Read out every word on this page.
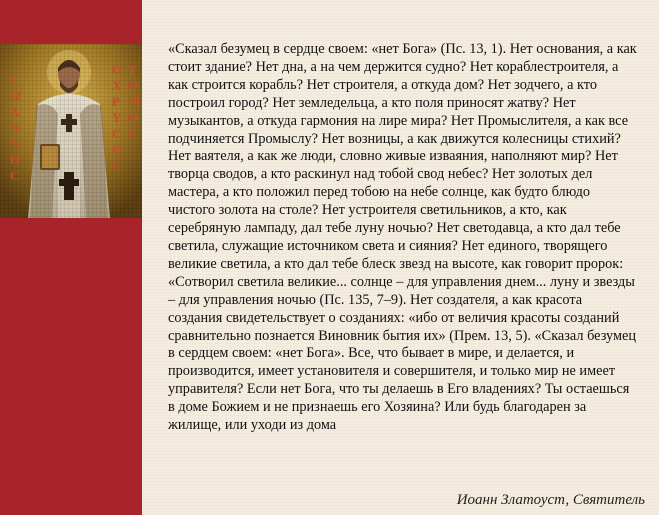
Ι
Ω
Α
Ν
Ν
Η
С
Ο
Χ
Ρ
Υ
С
Ο
С
Τ
Ο
Μ
Ο
С

«Сказал безумец в сердце своем: «нет Бога» (Пс. 13, 1). Нет основания, а как стоит здание? Нет дна, а на чем держится судно? Нет кораблестроителя, а как строится корабль? Нет строителя, а откуда дом? Нет зодчего, а кто построил город? Нет земледельца, а кто поля приносят жатву? Нет музыкантов, а откуда гармония на лире мира? Нет Промыслителя, а как все подчиняется Промыслу? Нет возницы, а как движутся колесницы стихий? Нет ваятеля, а как же люди, словно живые изваяния, наполняют мир? Нет творца сводов, а кто раскинул над тобой свод небес? Нет золотых дел мастера, а кто положил перед тобою на небе солнце, как будто блюдо чистого золота на столе? Нет устроителя светильников, а кто, как серебряную лампаду, дал тебе луну ночью? Нет светодавца, а кто дал тебе светила, служащие источником света и сияния? Нет единого, творящего великие светила, а кто дал тебе блеск звезд на высоте, как говорит пророк: «Сотворил светила великие... солнце – для управления днем... луну и звезды – для управления ночью (Пс. 135, 7–9). Нет создателя, а как красота создания свидетельствует о созданиях: «ибо от величия красоты созданий сравнительно познается Виновник бытия их» (Прем. 13, 5). «Сказал безумец в сердцем своем: «нет Бога». Все, что бывает в мире, и делается, и производится, имеет установителя и совершителя, и только мир не имеет управителя? Если нет Бога, что ты делаешь в Его владениях? Ты остаешься в доме Божием и не признаешь его Хозяина? Или будь благодарен за жилище, или уходи из дома

Иоанн Златоуст, Святитель
